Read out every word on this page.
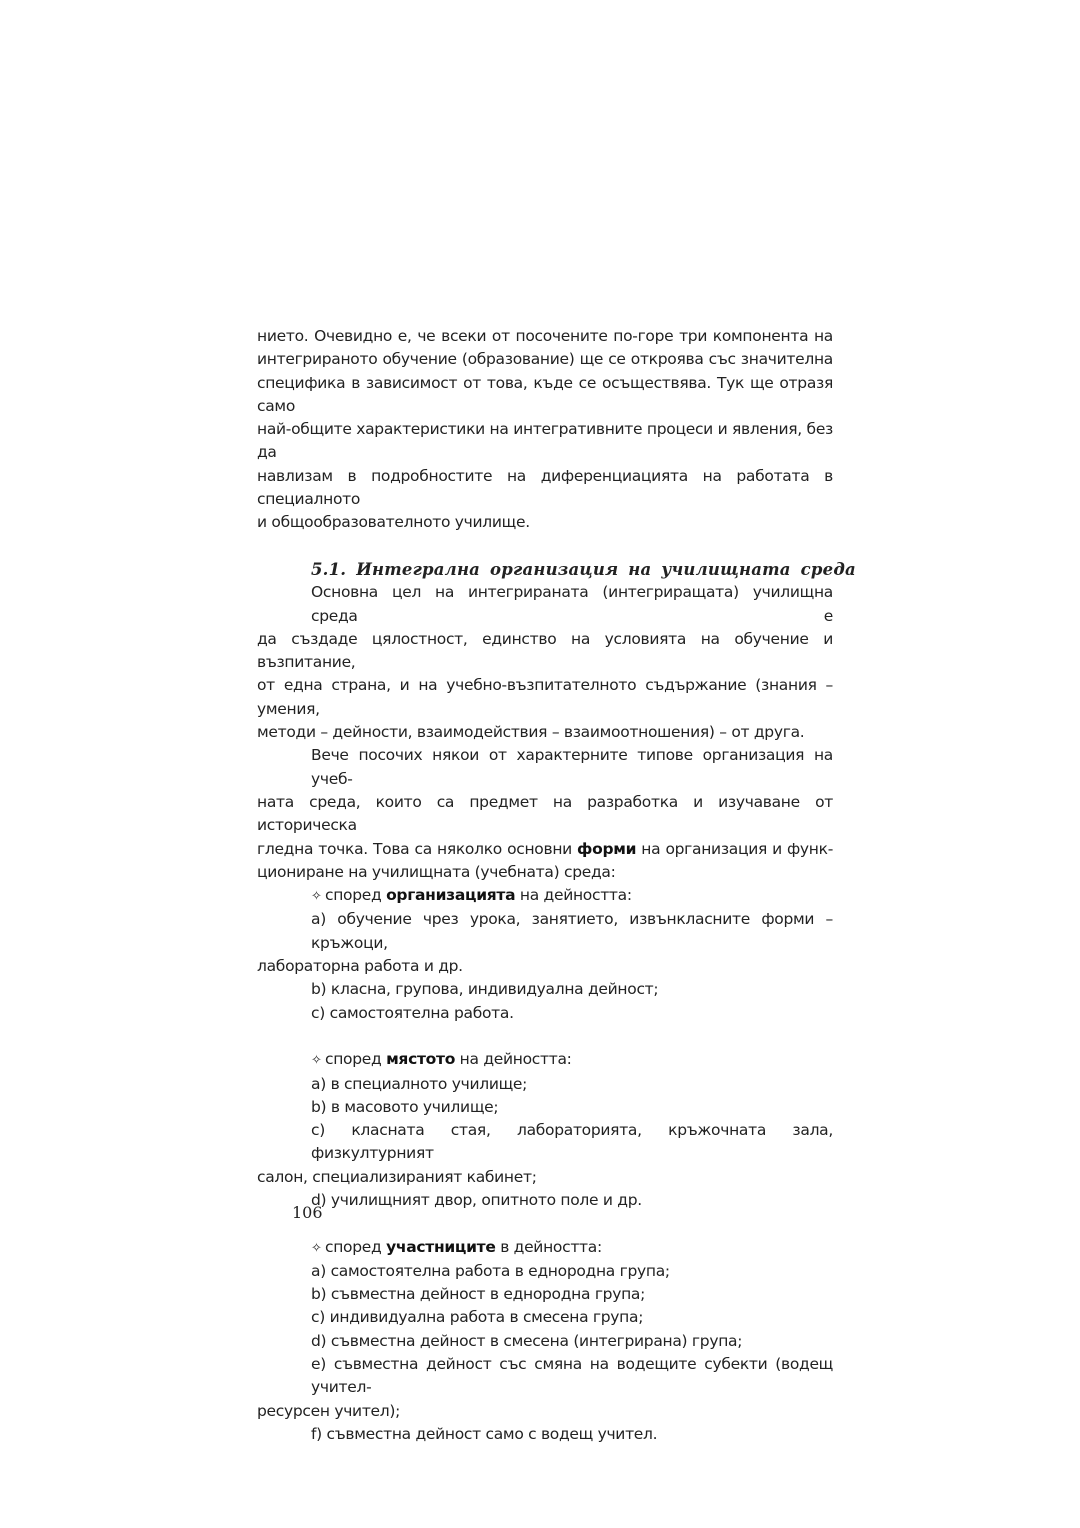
нието. Очевидно е, че всеки от посочените по-горе три компонента на
интегрираното обучение (образование) ще се откроява със значителна
специфика в зависимост от това, къде се осъществява. Тук ще отразя само
най-общите характеристики на интегративните процеси и явления, без да
навлизам в подробностите на диференциацията на работата в специалното
и общообразователното училище.
5.1. Интегрална организация на училищната среда
Основна цел на интегрираната (интегриращата) училищна среда е
да създаде цялостност, единство на условията на обучение и възпитание,
от една страна, и на учебно-възпитателното съдържание (знания – умения,
методи – дейности, взаимодействия – взаимоотношения) – от друга.
Вече посочих някои от характерните типове организация на учеб-
ната среда, които са предмет на разработка и изучаване от историческа
гледна точка. Това са няколко основни форми на организация и функ-
циониране на училищната (учебната) среда:
✧ според организацията на дейността:
a) обучение чрез урока, занятието, извънкласните форми – кръжоци,
лабораторна работа и др.
b) класна, групова, индивидуална дейност;
c) самостоятелна работа.
✧ според мястото на дейността:
a) в специалното училище;
b) в масовото училище;
c) класната стая, лабораторията, кръжочната зала, физкултурният
салон, специализираният кабинет;
d) училищният двор, опитното поле и др.
✧ според участниците в дейността:
a) самостоятелна работа в еднородна група;
b) съвместна дейност в еднородна група;
c) индивидуална работа в смесена група;
d) съвместна дейност в смесена (интегрирана) група;
e) съвместна дейност със смяна на водещите субекти (водещ учител-
ресурсен учител);
f) съвместна дейност само с водещ учител.
106
